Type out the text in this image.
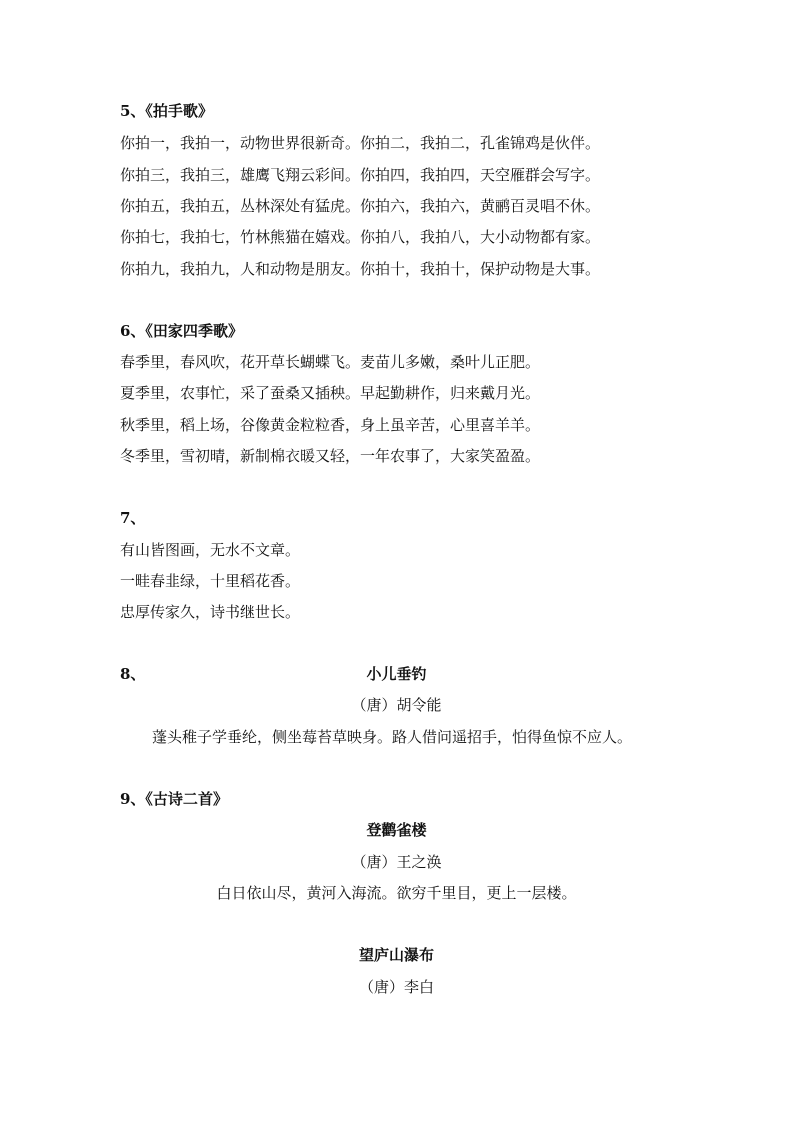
5、《拍手歌》
你拍一，我拍一，动物世界很新奇。你拍二，我拍二，孔雀锦鸡是伙伴。
你拍三，我拍三，雄鹰飞翔云彩间。你拍四，我拍四，天空雁群会写字。
你拍五，我拍五，丛林深处有猛虎。你拍六，我拍六，黄鹂百灵唱不休。
你拍七，我拍七，竹林熊猫在嬉戏。你拍八，我拍八，大小动物都有家。
你拍九，我拍九，人和动物是朋友。你拍十，我拍十，保护动物是大事。
6、《田家四季歌》
春季里，春风吹，花开草长蝴蝶飞。麦苗儿多嫩，桑叶儿正肥。
夏季里，农事忙，采了蚕桑又插秧。早起勤耕作，归来戴月光。
秋季里，稻上场，谷像黄金粒粒香，身上虽辛苦，心里喜羊羊。
冬季里，雪初晴，新制棉衣暖又轻，一年农事了，大家笑盈盈。
7、
有山皆图画，无水不文章。
一畦春韭绿，十里稻花香。
忠厚传家久，诗书继世长。
8、	小儿垂钓
（唐）胡令能
蓬头稚子学垂纶，侧坐莓苔草映身。路人借问遥招手，怕得鱼惊不应人。
9、《古诗二首》
登鹳雀楼
（唐）王之涣
白日依山尽，黄河入海流。欲穷千里目，更上一层楼。
望庐山瀑布
（唐）李白
